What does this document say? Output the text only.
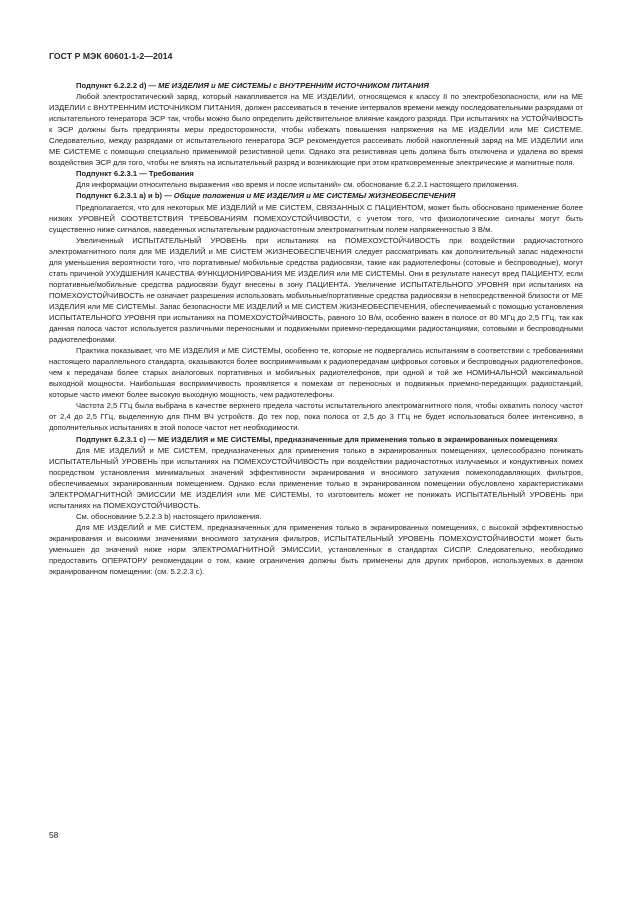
ГОСТ Р МЭК 60601-1-2—2014

Подпункт 6.2.2.2 d) — МЕ ИЗДЕЛИЯ и МЕ СИСТЕМЫ с ВНУТРЕННИМ ИСТОЧНИКОМ ПИТАНИЯ

Любой электростатический заряд, который накапливается на МЕ ИЗДЕЛИИ, относящемся к классу II по электробезопасности, или на МЕ ИЗДЕЛИИ с ВНУТРЕННИМ ИСТОЧНИКОМ ПИТАНИЯ, должен рассеиваться в течение интервалов времени между последовательными разрядами от испытательного генератора ЭСР так, чтобы можно было определить действительное влияние каждого разряда. При испытаниях на УСТОЙЧИВОСТЬ к ЭСР должны быть предприняты меры предосторожности, чтобы избежать повышения напряжения на МЕ ИЗДЕЛИИ или МЕ СИСТЕМЕ. Следовательно, между разрядами от испытательного генератора ЭСР рекомендуется рассеивать любой накопленный заряд на МЕ ИЗДЕЛИИ или МЕ СИСТЕМЕ с помощью специально применимой резистивной цепи. Однако эта резистивная цепь должна быть отключена и удалена во время воздействия ЭСР для того, чтобы не влиять на испытательный разряд и возникающие при этом кратковременные электрические и магнитные поля.

Подпункт 6.2.3.1 — Требования

Для информации относительно выражения «во время и после испытаний» см. обоснование 6.2.2.1 настоящего приложения.

Подпункт 6.2.3.1 a) и b) — Общие положения и МЕ ИЗДЕЛИЯ и МЕ СИСТЕМЫ ЖИЗНЕОБЕСПЕЧЕНИЯ

Предполагается, что для некоторых МЕ ИЗДЕЛИЙ и МЕ СИСТЕМ, СВЯЗАННЫХ С ПАЦИЕНТОМ, может быть обосновано применение более низких УРОВНЕЙ СООТВЕТСТВИЯ ТРЕБОВАНИЯМ ПОМЕХОУСТОЙЧИВОСТИ, с учетом того, что физиологические сигналы могут быть существенно ниже сигналов, наведенных испытательным радиочастотным электромагнитным полем напряженностью 3 В/м.

Увеличенный ИСПЫТАТЕЛЬНЫЙ УРОВЕНЬ при испытаниях на ПОМЕХОУСТОЙЧИВОСТЬ при воздействии радиочастотного электромагнитного поля для МЕ ИЗДЕЛИЙ и МЕ СИСТЕМ ЖИЗНЕОБЕСПЕЧЕНИЯ следует рассматривать как дополнительный запас надежности для уменьшения вероятности того, что портативные/ мобильные средства радиосвязи, такие как радиотелефоны (сотовые и беспроводные), могут стать причиной УХУДШЕНИЯ КАЧЕСТВА ФУНКЦИОНИРОВАНИЯ МЕ ИЗДЕЛИЯ или МЕ СИСТЕМЫ. Они в результате нанесут вред ПАЦИЕНТУ, если портативные/мобильные средства радиосвязи будут внесены в зону ПАЦИЕНТА. Увеличение ИСПЫТАТЕЛЬНОГО УРОВНЯ при испытаниях на ПОМЕХОУСТОЙЧИВОСТЬ не означает разрешения использовать мобильные/портативные средства радиосвязи в непосредственной близости от МЕ ИЗДЕЛИЯ или МЕ СИСТЕМЫ. Запас безопасности МЕ ИЗДЕЛИЙ и МЕ СИСТЕМ ЖИЗНЕОБЕСПЕЧЕНИЯ, обеспечиваемый с помощью установления ИСПЫТАТЕЛЬНОГО УРОВНЯ при испытаниях на ПОМЕХОУСТОЙЧИВОСТЬ, равного 10 В/м, особенно важен в полосе от 80 МГц до 2,5 ГГц, так как данная полоса частот используется различными переносными и подвижными приемно-передающими радиостанциями, сотовыми и беспроводными радиотелефонами.

Практика показывает, что МЕ ИЗДЕЛИЯ и МЕ СИСТЕМЫ, особенно те, которые не подвергались испытаниям в соответствии с требованиями настоящего параллельного стандарта, оказываются более восприимчивыми к радиопередачам цифровых сотовых и беспроводных радиотелефонов, чем к передачам более старых аналоговых портативных и мобильных радиотелефонов, при одной и той же НОМИНАЛЬНОЙ максимальной выходной мощности. Наибольшая восприимчивость проявляется к помехам от переносных и подвижных приемно-передающих радиостанций, которые часто имеют более высокую выходную мощность, чем радиотелефоны.

Частота 2,5 ГГц была выбрана в качестве верхнего предела частоты испытательного электромагнитного поля, чтобы охватить полосу частот от 2,4 до 2,5 ГГц, выделенную для ПНМ ВЧ устройств. До тех пор, пока полоса от 2,5 до 3 ГГц не будет использоваться более интенсивно, в дополнительных испытаниях в этой полосе частот нет необходимости.

Подпункт 6.2.3.1 с) — МЕ ИЗДЕЛИЯ и МЕ СИСТЕМЫ, предназначенные для применения только в экранированных помещениях

Для МЕ ИЗДЕЛИЙ и МЕ СИСТЕМ, предназначенных для применения только в экранированных помещениях, целесообразно понижать ИСПЫТАТЕЛЬНЫЙ УРОВЕНЬ при испытаниях на ПОМЕХОУСТОЙЧИВОСТЬ при воздействии радиочастотных излучаемых и кондуктивных помех посредством установления минимальных значений эффективности экранирования и вносимого затухания помехоподавляющих фильтров, обеспечиваемых экранированным помещением. Однако если применение только в экранированном помещении обусловлено характеристиками ЭЛЕКТРОМАГНИТНОЙ ЭМИССИИ МЕ ИЗДЕЛИЯ или МЕ СИСТЕМЫ, то изготовитель может не понижать ИСПЫТАТЕЛЬНЫЙ УРОВЕНЬ при испытаниях на ПОМЕХОУСТОЙЧИВОСТЬ.

См. обоснование 5.2.2.3 b) настоящего приложения.

Для МЕ ИЗДЕЛИЙ и МЕ СИСТЕМ, предназначенных для применения только в экранированных помещениях, с высокой эффективностью экранирования и высокими значениями вносимого затухания фильтров, ИСПЫТАТЕЛЬНЫЙ УРОВЕНЬ ПОМЕХОУСТОЙЧИВОСТИ может быть уменьшен до значений ниже норм ЭЛЕКТРОМАГНИТНОЙ ЭМИССИИ, установленных в стандартах СИСПР. Следовательно, необходимо предоставить ОПЕРАТОРУ рекомендации о том, какие ограничения должны быть применены для других приборов, используемых в данном экранированном помещении: (см. 5.2.2.3 с).

58
